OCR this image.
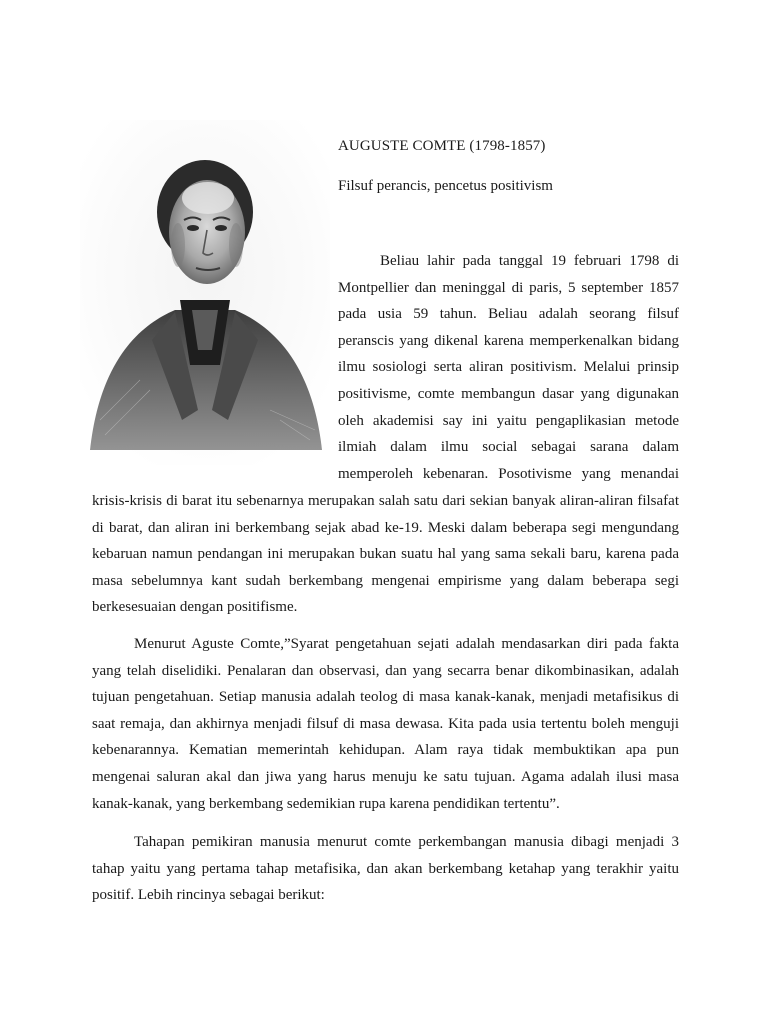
AUGUSTE COMTE (1798-1857)
Filsuf perancis, pencetus positivism
Beliau lahir pada tanggal 19 februari 1798 di
Montpellier dan meninggal di paris, 5 september 1857
pada usia 59 tahun. Beliau adalah seorang filsuf
peranscis yang dikenal karena memperkenalkan bidang
ilmu sosiologi serta aliran positivism. Melalui prinsip
positivisme, comte membangun dasar yang digunakan
oleh akademisi say ini yaitu pengaplikasian metode
ilmiah dalam ilmu social sebagai sarana dalam
memperoleh kebenaran. Posotivisme yang menandai
krisis-krisis di barat itu sebenarnya merupakan salah satu dari sekian banyak aliran-aliran filsafat
di barat, dan aliran ini berkembang sejak abad ke-19. Meski dalam beberapa segi mengundang
kebaruan namun pendangan ini merupakan bukan suatu hal yang sama sekali baru, karena pada
masa sebelumnya kant sudah berkembang mengenai empirisme yang dalam beberapa segi
berkesesuaian dengan positifisme.
Menurut Aguste Comte,”Syarat pengetahuan sejati adalah mendasarkan diri pada fakta
yang telah diselidiki. Penalaran dan observasi, dan yang secarra benar dikombinasikan, adalah
tujuan pengetahuan. Setiap manusia adalah teolog di masa kanak-kanak, menjadi metafisikus di
saat remaja, dan akhirnya menjadi filsuf di masa dewasa. Kita pada usia tertentu boleh menguji
kebenarannya. Kematian memerintah kehidupan. Alam raya tidak membuktikan apa pun
mengenai saluran akal dan jiwa yang harus menuju ke satu tujuan. Agama adalah ilusi masa
kanak-kanak, yang berkembang sedemikian rupa karena pendidikan tertentu”.
Tahapan pemikiran manusia menurut comte perkembangan manusia dibagi menjadi 3
tahap yaitu yang pertama tahap metafisika, dan akan berkembang ketahap yang terakhir yaitu
positif. Lebih rincinya sebagai berikut:
